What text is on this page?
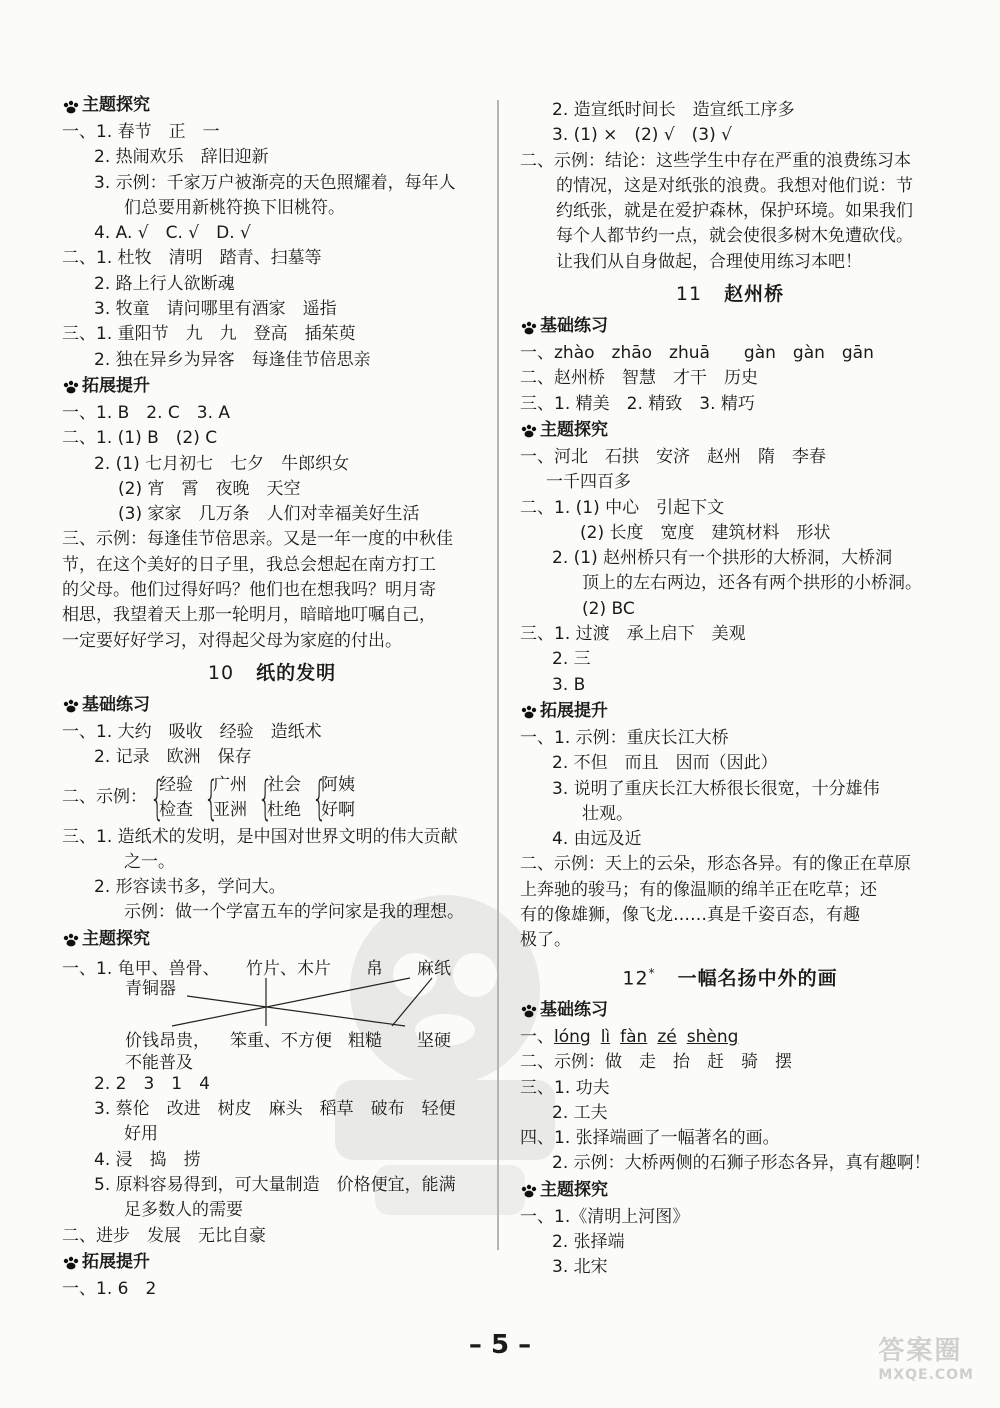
主题探究
一、1. 春节　正　一
2. 热闹欢乐　辞旧迎新
3. 示例：千家万户被渐亮的天色照耀着，每年人
们总要用新桃符换下旧桃符。
4. A. √　C. √　D. √
二、1. 杜牧　清明　踏青、扫墓等
2. 路上行人欲断魂
3. 牧童　请问哪里有酒家　遥指
三、1. 重阳节　九　九　登高　插茱萸
2. 独在异乡为异客　每逢佳节倍思亲
拓展提升
一、1. B　2. C　3. A
二、1. (1) B　(2) C
2. (1) 七月初七　七夕　牛郎织女
(2) 宵　霄　夜晚　天空
(3) 家家　几万条　人们对幸福美好生活
三、示例：每逢佳节倍思亲。又是一年一度的中秋佳
节，在这个美好的日子里，我总会想起在南方打工
的父母。他们过得好吗？他们也在想我吗？明月寄
相思，我望着天上那一轮明月，暗暗地叮嘱自己，
一定要好好学习，对得起父母为家庭的付出。
10 纸的发明
基础练习
一、1. 大约　吸收　经验　造纸术
2. 记录　欧洲　保存
二、示例： {
经验
检查 {
广州
亚洲 {
社会
杜绝 {
阿姨
好啊
三、1. 造纸术的发明，是中国对世界文明的伟大贡献
之一。
2. 形容读书多，学问大。
示例：做一个学富五车的学问家是我的理想。
主题探究
一、1. 龟甲、兽骨、 竹片、木片 帛 麻纸
青铜器
价钱昂贵，
不能普及
笨重、不方便 粗糙 坚硬
2. 2　3　1　4
3. 蔡伦　改进　树皮　麻头　稻草　破布　轻便
好用
4. 浸　捣　捞
5. 原料容易得到，可大量制造　价格便宜，能满
足多数人的需要
二、进步　发展　无比自豪
拓展提升
一、1. 6　2
2. 造宣纸时间长　造宣纸工序多
3. (1) ×　(2) √　(3) √
二、示例：结论：这些学生中存在严重的浪费练习本
的情况，这是对纸张的浪费。我想对他们说：节
约纸张，就是在爱护森林，保护环境。如果我们
每个人都节约一点，就会使很多树木免遭砍伐。
让我们从自身做起，合理使用练习本吧！
11 赵州桥
基础练习
一、zhào　zhāo　zhuā　　gàn　gàn　gān
二、赵州桥　智慧　才干　历史
三、1. 精美　2. 精致　3. 精巧
主题探究
一、河北　石拱　安济　赵州　隋　李春
一千四百多
二、1. (1) 中心　引起下文
(2) 长度　宽度　建筑材料　形状
2. (1) 赵州桥只有一个拱形的大桥洞，大桥洞
顶上的左右两边，还各有两个拱形的小桥洞。
(2) BC
三、1. 过渡　承上启下　美观
2. 三
3. B
拓展提升
一、1. 示例：重庆长江大桥
2. 不但　而且　因而（因此）
3. 说明了重庆长江大桥很长很宽，十分雄伟
壮观。
4. 由远及近
二、示例：天上的云朵，形态各异。有的像正在草原
上奔驰的骏马；有的像温顺的绵羊正在吃草；还
有的像雄狮，像飞龙……真是千姿百态，有趣
极了。
12* 一幅名扬中外的画
基础练习
一、lóng lì fàn zé shèng
二、示例：做　走　抬　赶　骑　摆
三、1. 功夫
2. 工夫
四、1. 张择端画了一幅著名的画。
2. 示例：大桥两侧的石狮子形态各异，真有趣啊！
主题探究
一、1.《清明上河图》
2. 张择端
3. 北宋
– 5 –	答案圈
MXQE.COM
